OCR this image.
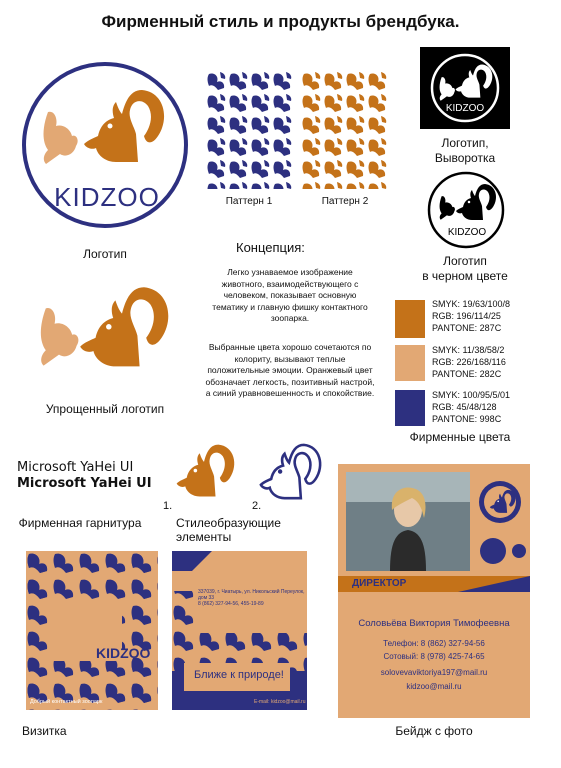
Фирменный стиль и продукты брендбука.
KIDZOO
Логотип
Паттерн 1	Паттерн 2
KIDZOO
Логотип,
Выворотка
KIDZOO
Логотип
в черном цвете
Концепция:
Легко узнаваемое изображение животного, взаимодействующего с человеком, показывает основную тематику и главную фишку контактного зоопарка.
Выбранные цвета хорошо сочетаются по колориту, вызывают теплые положительные эмоции. Оранжевый цвет обозначает легкость, позитивный настрой, а синий уравновешенность и спокойствие.
Упрощенный логотип
SMYK: 19/63/100/8
RGB: 196/114/25
PANTONE: 287C
SMYK: 11/38/58/2
RGB: 226/168/116
PANTONE: 282C
SMYK: 100/95/5/01
RGB: 45/48/128
PANTONE: 998C
Фирменные цвета
Microsoft YaHei UI
Microsoft YaHei UI
Фирменная гарнитура
1.	2.
Стилеобразующие элементы
KIDZOO
Добрый контактный зоопарк
Визитка
337039, г. Чиатырь, ул. Никольский Переулок, дом 33
8 (862) 327-94-56, 455-19-89
Ближе к природе!
E-mail: kidzoo@mail.ru
ДИРЕКТОР
Соловьёва Виктория Тимофеевна
Телефон: 8 (862) 327-94-56
Сотовый: 8 (978) 425-74-65
solovevaviktoriya197@mail.ru
kidzoo@mail.ru
Бейдж с фото
